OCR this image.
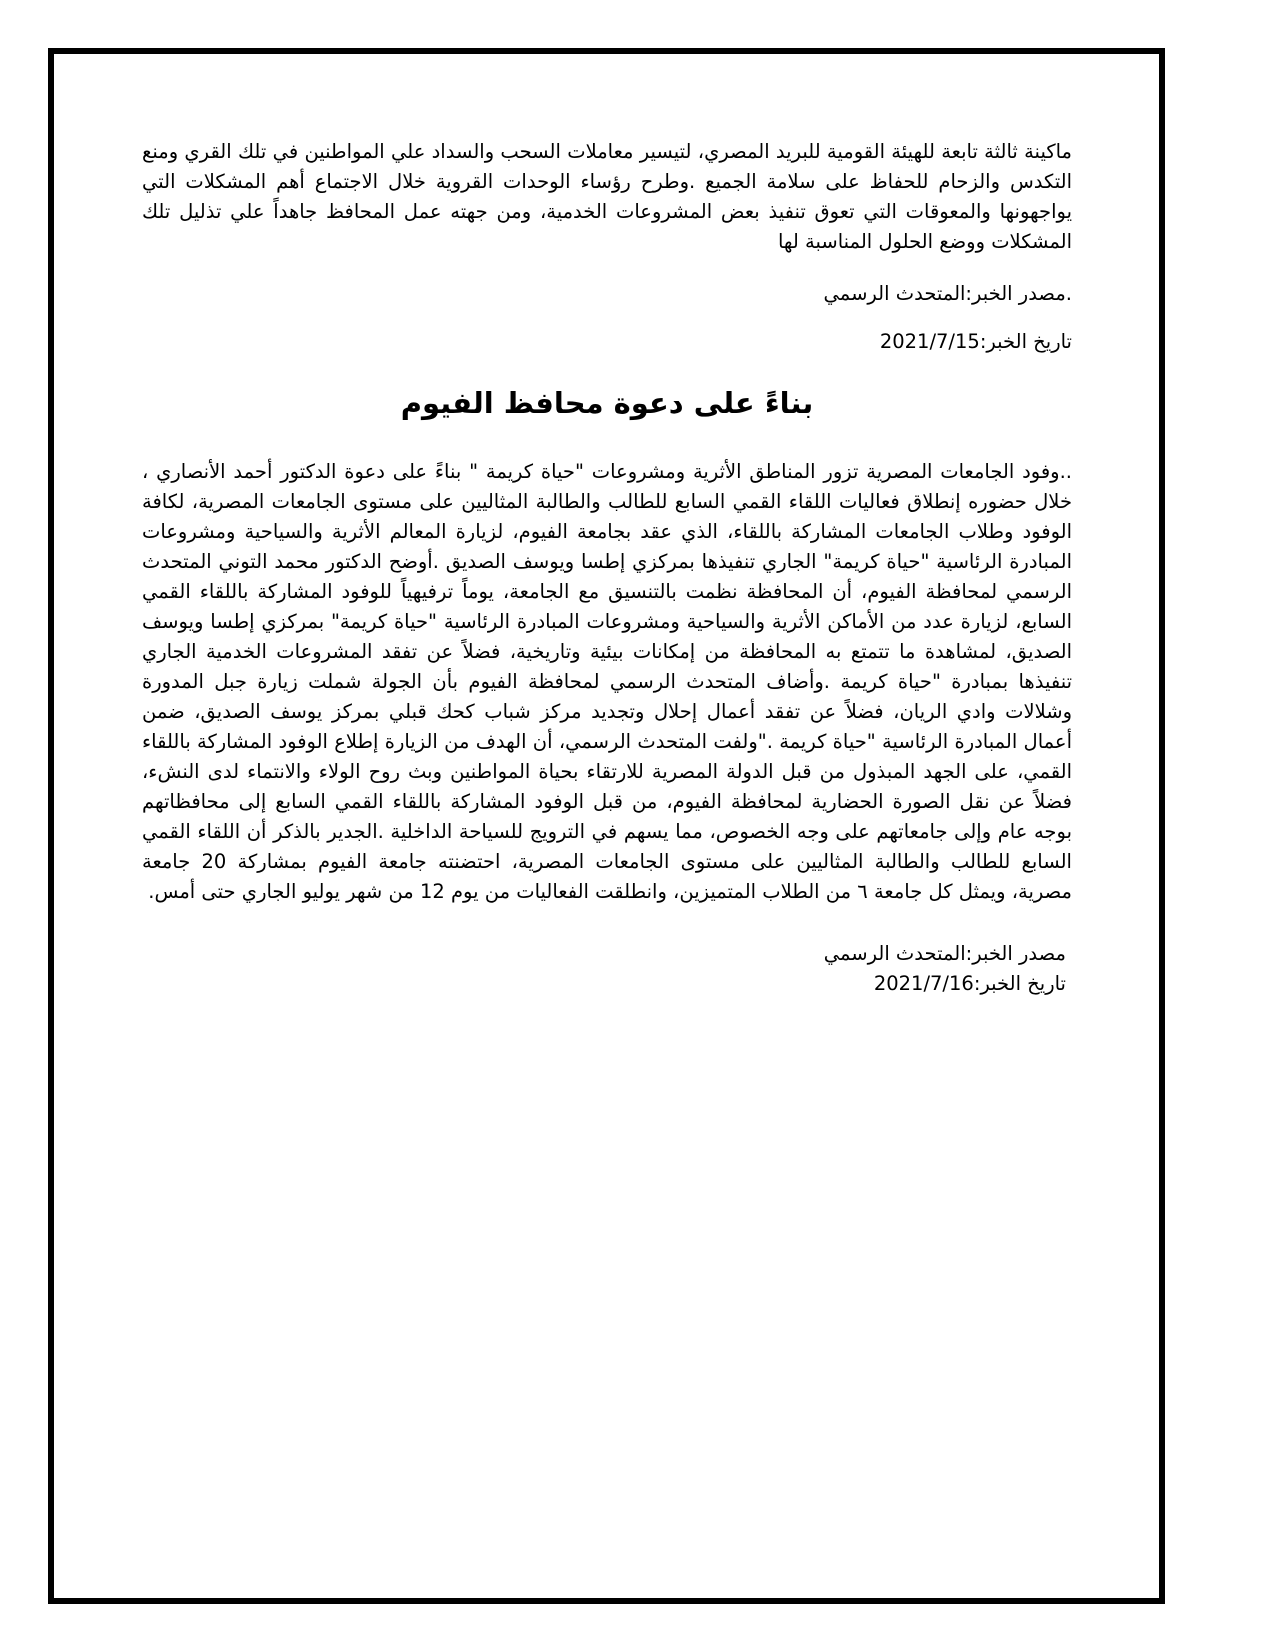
ماكينة ثالثة تابعة للهيئة القومية للبريد المصري، لتيسير معاملات السحب والسداد علي المواطنين في تلك القري ومنع التكدس والزحام للحفاظ على سلامة الجميع .وطرح رؤساء الوحدات القروية خلال الاجتماع أهم المشكلات التي يواجهونها والمعوقات التي تعوق تنفيذ بعض المشروعات الخدمية، ومن جهته عمل المحافظ جاهداً علي تذليل تلك المشكلات ووضع الحلول المناسبة لها

.مصدر الخبر:المتحدث الرسمي

تاريخ الخبر:2021/7/15

بناءً على دعوة محافظ الفيوم

..وفود الجامعات المصرية تزور المناطق الأثرية ومشروعات "حياة كريمة " بناءً على دعوة الدكتور أحمد الأنصاري ، خلال حضوره إنطلاق فعاليات اللقاء القمي السابع للطالب والطالبة المثاليين على مستوى الجامعات المصرية، لكافة الوفود وطلاب الجامعات المشاركة باللقاء، الذي عقد بجامعة الفيوم، لزيارة المعالم الأثرية والسياحية ومشروعات المبادرة الرئاسية "حياة كريمة" الجاري تنفيذها بمركزي إطسا ويوسف الصديق .أوضح الدكتور محمد التوني المتحدث الرسمي لمحافظة الفيوم، أن المحافظة نظمت بالتنسيق مع الجامعة، يوماً ترفيهياً للوفود المشاركة باللقاء القمي السابع، لزيارة عدد من الأماكن الأثرية والسياحية ومشروعات المبادرة الرئاسية "حياة كريمة" بمركزي إطسا ويوسف الصديق، لمشاهدة ما تتمتع به المحافظة من إمكانات بيئية وتاريخية، فضلاً عن تفقد المشروعات الخدمية الجاري تنفيذها بمبادرة "حياة كريمة .وأضاف المتحدث الرسمي لمحافظة الفيوم بأن الجولة شملت زيارة جبل المدورة وشلالات وادي الريان، فضلاً عن تفقد أعمال إحلال وتجديد مركز شباب كحك قبلي بمركز يوسف الصديق، ضمن أعمال المبادرة الرئاسية "حياة كريمة ."ولفت المتحدث الرسمي، أن الهدف من الزيارة إطلاع الوفود المشاركة باللقاء القمي، على الجهد المبذول من قبل الدولة المصرية للارتقاء بحياة المواطنين وبث روح الولاء والانتماء لدى النشء، فضلاً عن نقل الصورة الحضارية لمحافظة الفيوم، من قبل الوفود المشاركة باللقاء القمي السابع إلى محافظاتهم بوجه عام وإلى جامعاتهم على وجه الخصوص، مما يسهم في الترويج للسياحة الداخلية .الجدير بالذكر أن اللقاء القمي السابع للطالب والطالبة المثاليين على مستوى الجامعات المصرية، احتضنته جامعة الفيوم بمشاركة 20 جامعة مصرية، ويمثل كل جامعة ٦ من الطلاب المتميزين، وانطلقت الفعاليات من يوم 12 من شهر يوليو الجاري حتى أمس.

مصدر الخبر:المتحدث الرسمي

تاريخ الخبر:2021/7/16
